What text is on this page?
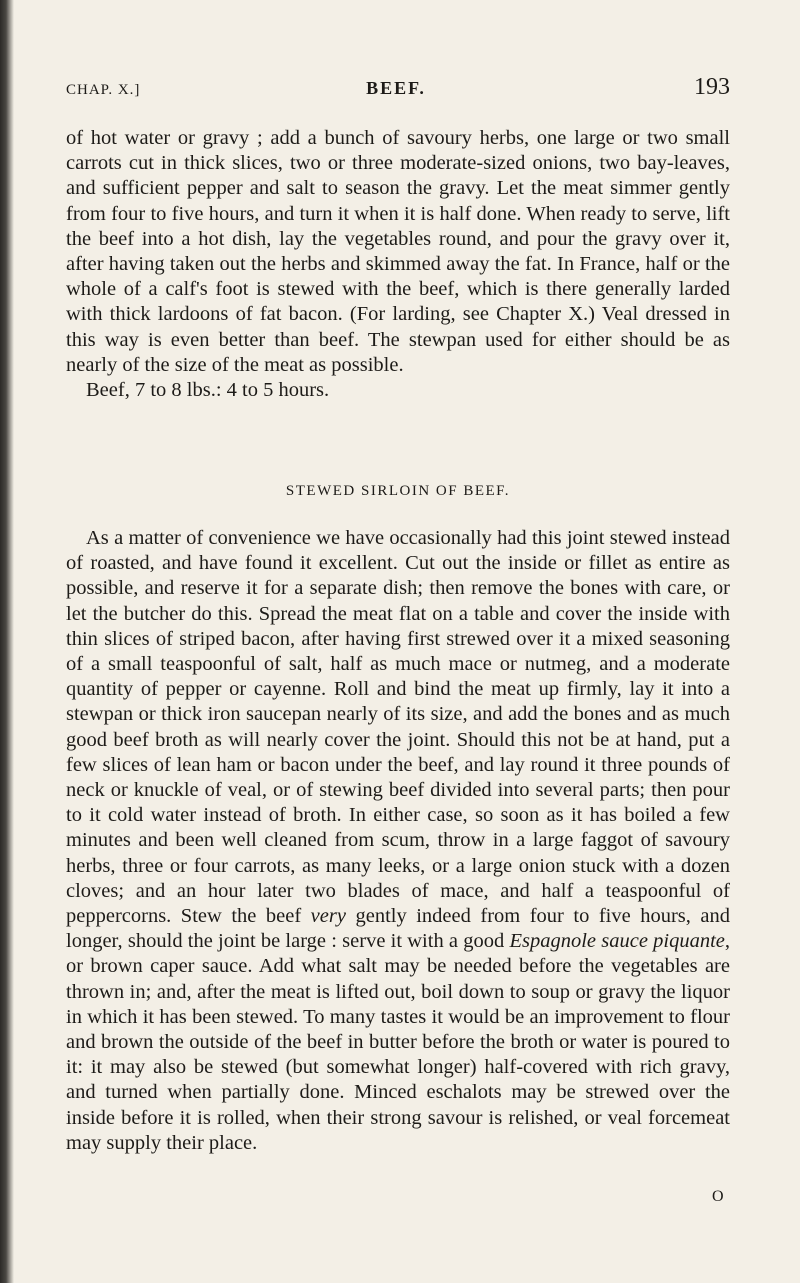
CHAP. X.]	BEEF.	193

of hot water or gravy ; add a bunch of savoury herbs, one large or two small carrots cut in thick slices, two or three moderate-sized onions, two bay-leaves, and sufficient pepper and salt to season the gravy. Let the meat simmer gently from four to five hours, and turn it when it is half done. When ready to serve, lift the beef into a hot dish, lay the vegetables round, and pour the gravy over it, after having taken out the herbs and skimmed away the fat. In France, half or the whole of a calf's foot is stewed with the beef, which is there generally larded with thick lardoons of fat bacon. (For larding, see Chapter X.) Veal dressed in this way is even better than beef. The stewpan used for either should be as nearly of the size of the meat as possible.

Beef, 7 to 8 lbs.: 4 to 5 hours.

STEWED SIRLOIN OF BEEF.

As a matter of convenience we have occasionally had this joint stewed instead of roasted, and have found it excellent. Cut out the inside or fillet as entire as possible, and reserve it for a separate dish; then remove the bones with care, or let the butcher do this. Spread the meat flat on a table and cover the inside with thin slices of striped bacon, after having first strewed over it a mixed seasoning of a small teaspoonful of salt, half as much mace or nutmeg, and a moderate quantity of pepper or cayenne. Roll and bind the meat up firmly, lay it into a stewpan or thick iron saucepan nearly of its size, and add the bones and as much good beef broth as will nearly cover the joint. Should this not be at hand, put a few slices of lean ham or bacon under the beef, and lay round it three pounds of neck or knuckle of veal, or of stewing beef divided into several parts; then pour to it cold water instead of broth. In either case, so soon as it has boiled a few minutes and been well cleaned from scum, throw in a large faggot of savoury herbs, three or four carrots, as many leeks, or a large onion stuck with a dozen cloves; and an hour later two blades of mace, and half a teaspoonful of peppercorns. Stew the beef very gently indeed from four to five hours, and longer, should the joint be large : serve it with a good Espagnole sauce piquante, or brown caper sauce. Add what salt may be needed before the vegetables are thrown in; and, after the meat is lifted out, boil down to soup or gravy the liquor in which it has been stewed. To many tastes it would be an improvement to flour and brown the outside of the beef in butter before the broth or water is poured to it: it may also be stewed (but somewhat longer) half-covered with rich gravy, and turned when partially done. Minced eschalots may be strewed over the inside before it is rolled, when their strong savour is relished, or veal forcemeat may supply their place.

O
